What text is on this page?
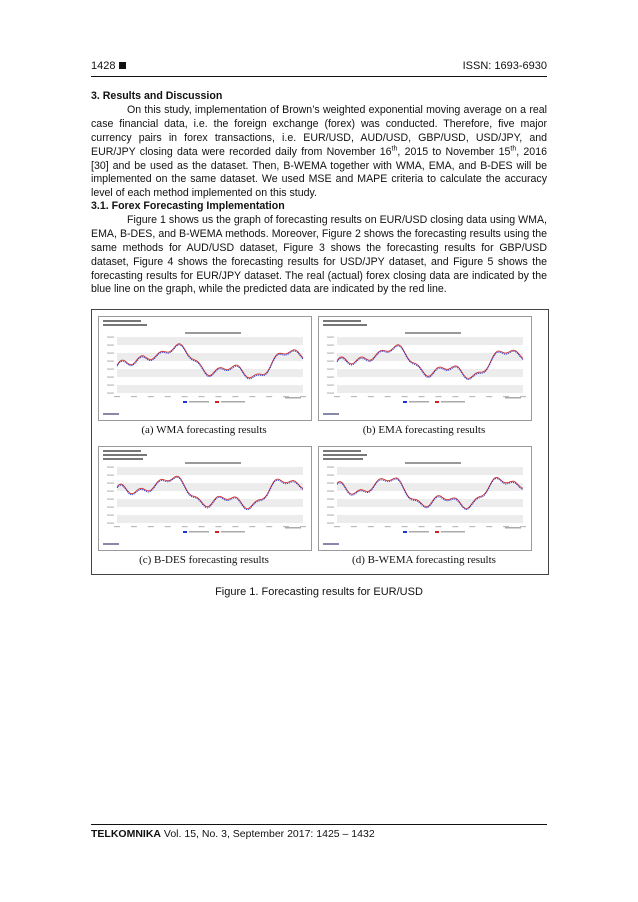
1428	ISSN: 1693-6930
3. Results and Discussion
On this study, implementation of Brown’s weighted exponential moving average on a real case financial data, i.e. the foreign exchange (forex) was conducted. Therefore, five major currency pairs in forex transactions, i.e. EUR/USD, AUD/USD, GBP/USD, USD/JPY, and EUR/JPY closing data were recorded daily from November 16th, 2015 to November 15th, 2016 [30] and be used as the dataset. Then, B-WEMA together with WMA, EMA, and B-DES will be implemented on the same dataset. We used MSE and MAPE criteria to calculate the accuracy level of each method implemented on this study.
3.1. Forex Forecasting Implementation
Figure 1 shows us the graph of forecasting results on EUR/USD closing data using WMA, EMA, B-DES, and B-WEMA methods. Moreover, Figure 2 shows the forecasting results using the same methods for AUD/USD dataset, Figure 3 shows the forecasting results for GBP/USD dataset, Figure 4 shows the forecasting results for USD/JPY dataset, and Figure 5 shows the forecasting results for EUR/JPY dataset. The real (actual) forex closing data are indicated by the blue line on the graph, while the predicted data are indicated by the red line.
(a) WMA forecasting results	(b) EMA forecasting results
(c) B-DES forecasting results	(d) B-WEMA forecasting results
Figure 1. Forecasting results for EUR/USD
TELKOMNIKA Vol. 15, No. 3, September 2017: 1425 – 1432
